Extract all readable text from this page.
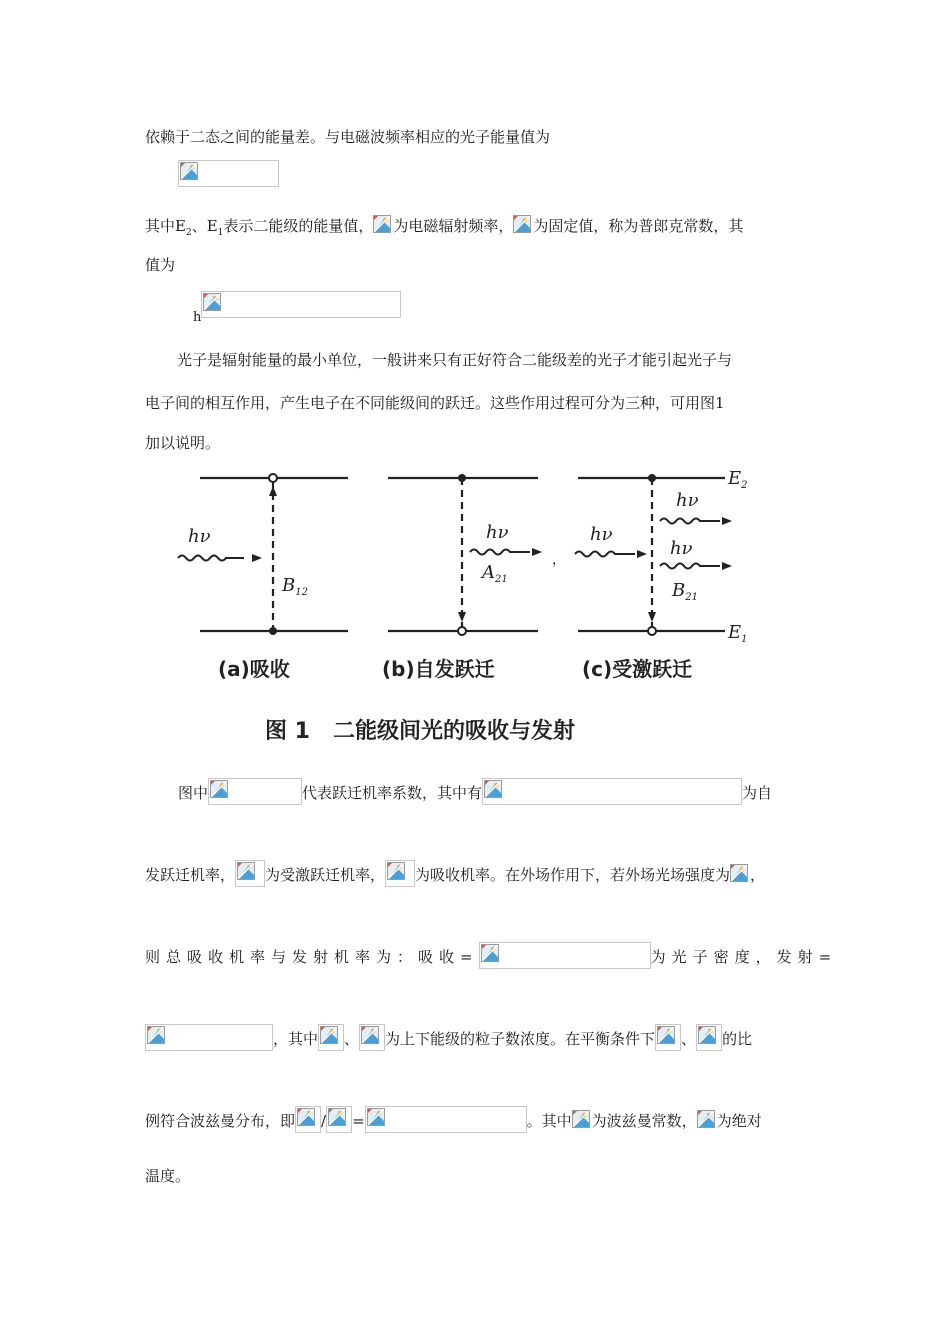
依赖于二态之间的能量差。与电磁波频率相应的光子能量值为
其中$E_2$、$E_1$表示二能级的能量值， 为电磁辐射频率， 为固定值，称为普郎克常数，其
值为
h
光子是辐射能量的最小单位，一般讲来只有正好符合二能级差的光子才能引起光子与
电子间的相互作用，产生电子在不同能级间的跃迁。这些作用过程可分为三种，可用图1
加以说明。
hν
$B_{12}$
hν
$A_{21}$
，
hν
hν
hν
$B_{21}$
$E_2$
$E_1$
(a)吸收	(b)自发跃迁	(c)受激跃迁
图 1   二能级间光的吸收与发射
图中	代表跃迁机率系数，其中有	为自
发跃迁机率， 为受激跃迁机率， 为吸收机率。在外场作用下，若外场光场强度为 ，
则总吸收机率与发射机率为：吸收=	为光子密度，发射=
，其中 、 为上下能级的粒子数浓度。在平衡条件下 、 的比
例符合波兹曼分布，即 / =	。其中 为波兹曼常数， 为绝对
温度。
